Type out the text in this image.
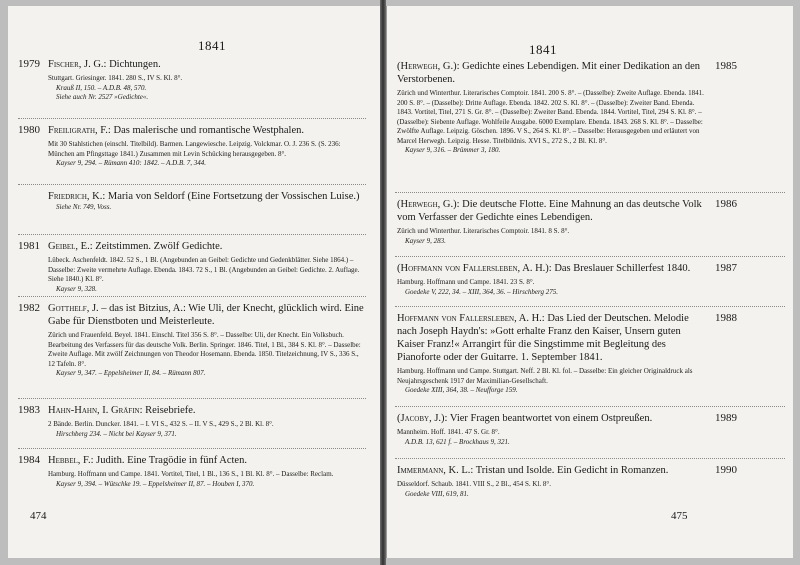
1841
1979 Fischer, J. G.: Dichtungen.
Stuttgart. Griesinger. 1841. 280 S., IV S. Kl. 8°.
Krauß II, 150. – A.D.B. 48, 570.
Siehe auch Nr. 2527 »Gedichte«.
1980 Freiligrath, F.: Das malerische und romantische Westphalen.
Mit 30 Stahlstichen (einschl. Titelbild). Barmen. Langewiesche. Leipzig. Volckmar. O. J. 236 S. (S. 236: München am Pfingsttage 1841.) Zusammen mit Levin Schücking herausgegeben. 8°.
Kayser 9, 294. – Rümann 410: 1842. – A.D.B. 7, 344.
Friedrich, K.: Maria von Seldorf (Eine Fortsetzung der Vossischen Luise.)
Siehe Nr. 749, Voss.
1981 Geibel, E.: Zeitstimmen. Zwölf Gedichte.
Lübeck. Aschenfeldt. 1842. 52 S., 1 Bl. (Angebunden an Geibel: Gedichte und Gedenkblätter. Siehe 1864.) – Dasselbe: Zweite vermehrte Auflage. Ebenda. 1843. 72 S., 1 Bl. (Angebunden an Geibel: Gedichte. 2. Auflage. Siehe 1840.) Kl. 8°.
Kayser 9, 328.
1982 Gotthelf, J. – das ist Bitzius, A.: Wie Uli, der Knecht, glücklich wird. Eine Gabe für Dienstboten und Meisterleute.
Zürich und Frauenfeld. Beyel. 1841. Einschl. Titel 356 S. 8°. – Dasselbe: Uli, der Knecht. Ein Volksbuch. Bearbeitung des Verfassers für das deutsche Volk. Berlin. Springer. 1846. Titel, 1 Bl., 384 S. Kl. 8°. – Dasselbe: Zweite Auflage. Mit zwölf Zeichnungen von Theodor Hosemann. Ebenda. 1850. Titelzeichnung, IV S., 336 S., 12 Tafeln. 8°.
Kayser 9, 347. – Eppelsheimer II, 84. – Rümann 807.
1983 Hahn-Hahn, I. Gräfin: Reisebriefe.
2 Bände. Berlin. Duncker. 1841. – I. VI S., 432 S. – II. V S., 429 S., 2 Bl. Kl. 8°.
Hirschberg 234. – Nicht bei Kayser 9, 371.
1984 Hebbel, F.: Judith. Eine Tragödie in fünf Acten.
Hamburg. Hoffmann und Campe. 1841. Vortitel, Titel, 1 Bl., 136 S., 1 Bl. Kl. 8°. – Dasselbe: Reclam.
Kayser 9, 394. – Wütschke 19. – Eppelsheimer II, 87. – Houben I, 370.
474
1841
1985
(Herwegh, G.): Gedichte eines Lebendigen. Mit einer Dedikation an den Verstorbenen.
Zürich und Winterthur. Literarisches Comptoir. 1841. 200 S. 8°. – (Dasselbe): Zweite Auflage. Ebenda. 1841. 200 S. 8°. – (Dasselbe): Dritte Auflage. Ebenda. 1842. 202 S. Kl. 8°. – (Dasselbe): Zweiter Band. Ebenda. 1843. Vortitel, Titel, 271 S. Gr. 8°. – (Dasselbe): Zweiter Band. Ebenda. 1844. Vortitel, Titel, 294 S. Kl. 8°. – (Dasselbe): Siebente Auflage. Wohlfeile Ausgabe. 6000 Exemplare. Ebenda. 1843. 268 S. Kl. 8°. – Dasselbe: Zwölfte Auflage. Leipzig. Göschen. 1896. V S., 264 S. Kl. 8°. – Dasselbe: Herausgegeben und erläutert von Marcel Herwegh. Leipzig. Hesse. Titelbildnis. XVI S., 272 S., 2 Bl. Kl. 8°.
Kayser 9, 316. – Brümmer 3, 180.
1986
(Herwegh, G.): Die deutsche Flotte. Eine Mahnung an das deutsche Volk vom Verfasser der Gedichte eines Lebendigen.
Zürich und Winterthur. Literarisches Comptoir. 1841. 8 S. 8°.
Kayser 9, 283.
1987
(Hoffmann von Fallersleben, A. H.): Das Breslauer Schillerfest 1840.
Hamburg. Hoffmann und Campe. 1841. 23 S. 8°.
Goedeke V, 222, 34. – XIII, 364, 36. – Hirschberg 275.
1988
Hoffmann von Fallersleben, A. H.: Das Lied der Deutschen. Melodie nach Joseph Haydn's: »Gott erhalte Franz den Kaiser, Unsern guten Kaiser Franz!« Arrangirt für die Singstimme mit Begleitung des Pianoforte oder der Guitarre. 1. September 1841.
Hamburg. Hoffmann und Campe. Stuttgart. Neff. 2 Bl. Kl. fol. – Dasselbe: Ein gleicher Originaldruck als Neujahrsgeschenk 1917 der Maximilian-Gesellschaft.
Goedeke XIII, 364, 38. – Neufforge 159.
1989
(Jacoby, J.): Vier Fragen beantwortet von einem Ostpreußen.
Mannheim. Hoff. 1841. 47 S. Gr. 8°.
A.D.B. 13, 621 f. – Brockhaus 9, 321.
1990
Immermann, K. L.: Tristan und Isolde. Ein Gedicht in Romanzen.
Düsseldorf. Schaub. 1841. VIII S., 2 Bl., 454 S. Kl. 8°.
Goedeke VIII, 619, 81.
475
